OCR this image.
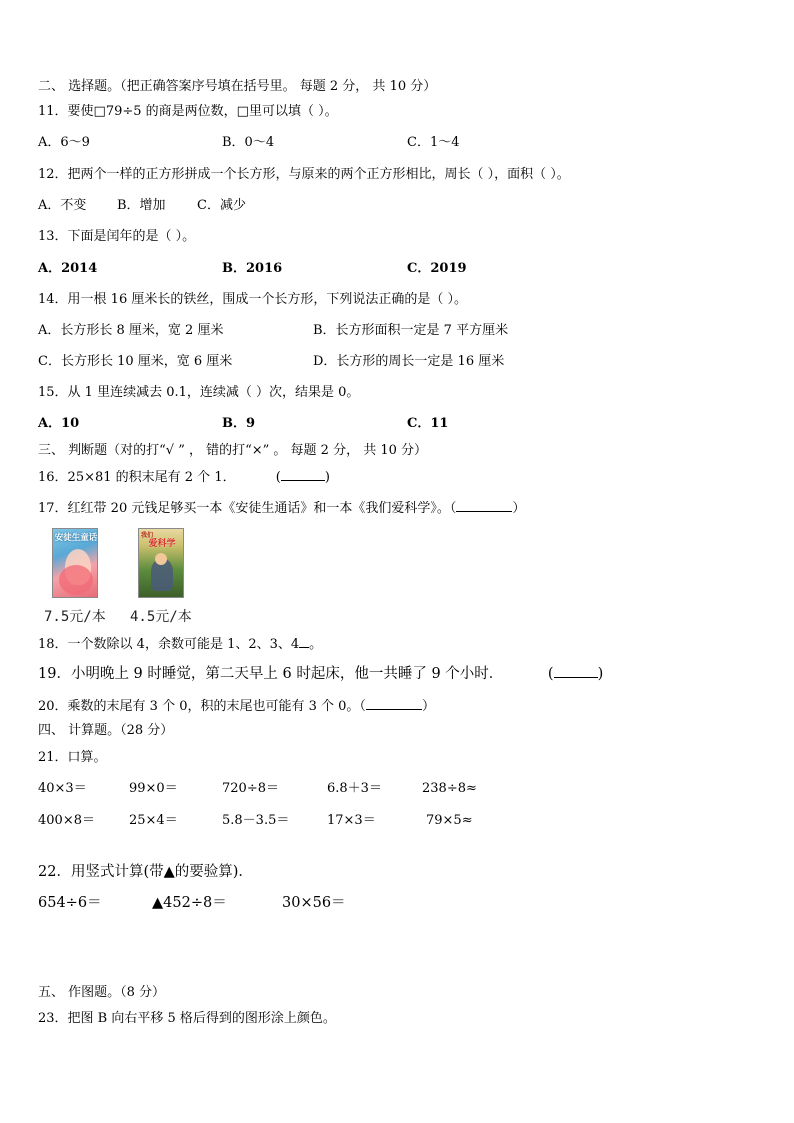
二、 选择题。（把正确答案序号填在括号里。 每题 2 分， 共 10 分）
11．要使□79÷5 的商是两位数，□里可以填（ ）。
A．6～9	B．0～4	C．1～4
12．把两个一样的正方形拼成一个长方形，与原来的两个正方形相比，周长（ ），面积（ ）。
A．不变 B．增加 C．减少
13．下面是闰年的是（ ）。
A．2014	B．2016	C．2019
14．用一根 16 厘米长的铁丝，围成一个长方形，下列说法正确的是（ ）。
A．长方形长 8 厘米，宽 2 厘米	B．长方形面积一定是 7 平方厘米
C．长方形长 10 厘米，宽 6 厘米	D．长方形的周长一定是 16 厘米
15．从 1 里连续减去 0.1，连续减（ ）次，结果是 0。
A．10	B．9	C．11
三、 判断题（对的打“√ ” ， 错的打“×” 。 每题 2 分， 共 10 分）
16．25×81 的积末尾有 2 个 1．	(	)
17．红红带 20 元钱足够买一本《安徒生通话》和一本《我们爱科学》。（	）
安徒生童话	我们
爱科学
7.5元/本 4.5元/本
18．一个数除以 4，余数可能是 1、2、3、4 。
19．小明晚上 9 时睡觉，第二天早上 6 时起床，他一共睡了 9 个小时．	(	)
20．乘数的末尾有 3 个 0，积的末尾也可能有 3 个 0。（	）
四、 计算题。（28 分）
21．口算。
40×3＝	99×0＝	720÷8＝	6.8＋3＝	238÷8≈
400×8＝	25×4＝	5.8－3.5＝	17×3＝	79×5≈
22．用竖式计算(带▲的要验算)．
654÷6＝	▲452÷8＝	30×56＝
五、 作图题。（8 分）
23．把图 B 向右平移 5 格后得到的图形涂上颜色。
